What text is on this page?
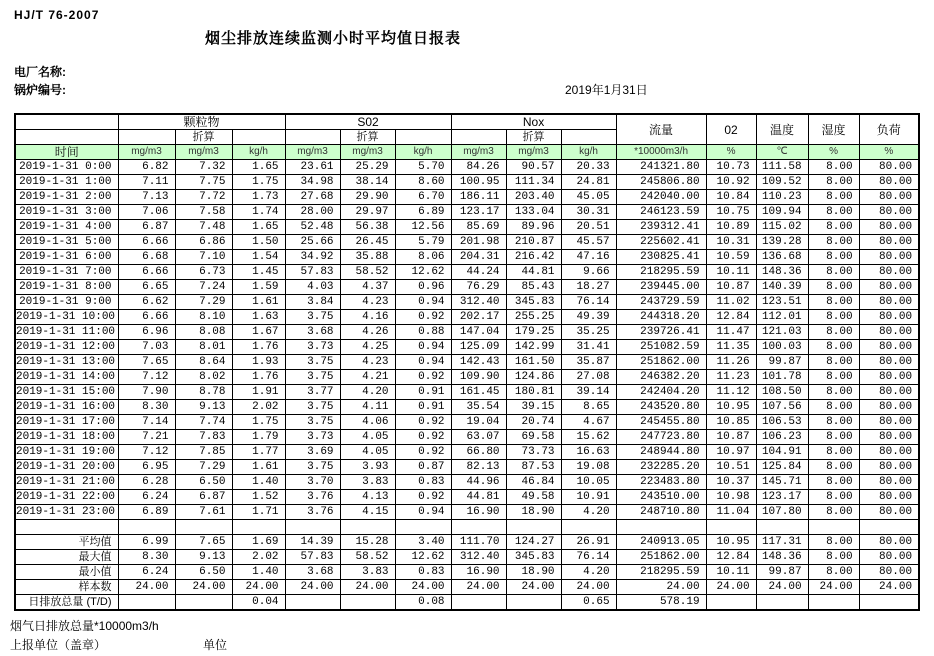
HJ/T 76-2007
烟尘排放连续监测小时平均值日报表
电厂名称:
锅炉编号:	2019年1月31日
	颗粒物			S02			Nox			流量	02	温度	湿度	负荷
		折算			折算			折算						
时间	mg/m3	mg/m3	kg/h	mg/m3	mg/m3	kg/h	mg/m3	mg/m3	kg/h	*10000m3/h	%	℃	%	%
2019-1-31 0:00	6.82	7.32	1.65	23.61	25.29	5.70	84.26	90.57	20.33	241321.80	10.73	111.58	8.00	80.00
2019-1-31 1:00	7.11	7.75	1.75	34.98	38.14	8.60	100.95	111.34	24.81	245806.80	10.92	109.52	8.00	80.00
2019-1-31 2:00	7.13	7.72	1.73	27.68	29.90	6.70	186.11	203.40	45.05	242040.00	10.84	110.23	8.00	80.00
2019-1-31 3:00	7.06	7.58	1.74	28.00	29.97	6.89	123.17	133.04	30.31	246123.59	10.75	109.94	8.00	80.00
2019-1-31 4:00	6.87	7.48	1.65	52.48	56.38	12.56	85.69	89.96	20.51	239312.41	10.89	115.02	8.00	80.00
2019-1-31 5:00	6.66	6.86	1.50	25.66	26.45	5.79	201.98	210.87	45.57	225602.41	10.31	139.28	8.00	80.00
2019-1-31 6:00	6.68	7.10	1.54	34.92	35.88	8.06	204.31	216.42	47.16	230825.41	10.59	136.68	8.00	80.00
2019-1-31 7:00	6.66	6.73	1.45	57.83	58.52	12.62	44.24	44.81	9.66	218295.59	10.11	148.36	8.00	80.00
2019-1-31 8:00	6.65	7.24	1.59	4.03	4.37	0.96	76.29	85.43	18.27	239445.00	10.87	140.39	8.00	80.00
2019-1-31 9:00	6.62	7.29	1.61	3.84	4.23	0.94	312.40	345.83	76.14	243729.59	11.02	123.51	8.00	80.00
2019-1-31 10:00	6.66	8.10	1.63	3.75	4.16	0.92	202.17	255.25	49.39	244318.20	12.84	112.01	8.00	80.00
2019-1-31 11:00	6.96	8.08	1.67	3.68	4.26	0.88	147.04	179.25	35.25	239726.41	11.47	121.03	8.00	80.00
2019-1-31 12:00	7.03	8.01	1.76	3.73	4.25	0.94	125.09	142.99	31.41	251082.59	11.35	100.03	8.00	80.00
2019-1-31 13:00	7.65	8.64	1.93	3.75	4.23	0.94	142.43	161.50	35.87	251862.00	11.26	99.87	8.00	80.00
2019-1-31 14:00	7.12	8.02	1.76	3.75	4.21	0.92	109.90	124.86	27.08	246382.20	11.23	101.78	8.00	80.00
2019-1-31 15:00	7.90	8.78	1.91	3.77	4.20	0.91	161.45	180.81	39.14	242404.20	11.12	108.50	8.00	80.00
2019-1-31 16:00	8.30	9.13	2.02	3.75	4.11	0.91	35.54	39.15	8.65	243520.80	10.95	107.56	8.00	80.00
2019-1-31 17:00	7.14	7.74	1.75	3.75	4.06	0.92	19.04	20.74	4.67	245455.80	10.85	106.53	8.00	80.00
2019-1-31 18:00	7.21	7.83	1.79	3.73	4.05	0.92	63.07	69.58	15.62	247723.80	10.87	106.23	8.00	80.00
2019-1-31 19:00	7.12	7.85	1.77	3.69	4.05	0.92	66.80	73.73	16.63	248944.80	10.97	104.91	8.00	80.00
2019-1-31 20:00	6.95	7.29	1.61	3.75	3.93	0.87	82.13	87.53	19.08	232285.20	10.51	125.84	8.00	80.00
2019-1-31 21:00	6.28	6.50	1.40	3.70	3.83	0.83	44.96	46.84	10.05	223483.80	10.37	145.71	8.00	80.00
2019-1-31 22:00	6.24	6.87	1.52	3.76	4.13	0.92	44.81	49.58	10.91	243510.00	10.98	123.17	8.00	80.00
2019-1-31 23:00	6.89	7.61	1.71	3.76	4.15	0.94	16.90	18.90	4.20	248710.80	11.04	107.80	8.00	80.00

平均值	6.99	7.65	1.69	14.39	15.28	3.40	111.70	124.27	26.91	240913.05	10.95	117.31	8.00	80.00
最大值	8.30	9.13	2.02	57.83	58.52	12.62	312.40	345.83	76.14	251862.00	12.84	148.36	8.00	80.00
最小值	6.24	6.50	1.40	3.68	3.83	0.83	16.90	18.90	4.20	218295.59	10.11	99.87	8.00	80.00
样本数	24.00	24.00	24.00	24.00	24.00	24.00	24.00	24.00	24.00	24.00	24.00	24.00	24.00	24.00
日排放总量 (T/D)			0.04			0.08			0.65	578.19				
烟气日排放总量*10000m3/h
上报单位（盖章）	单位
